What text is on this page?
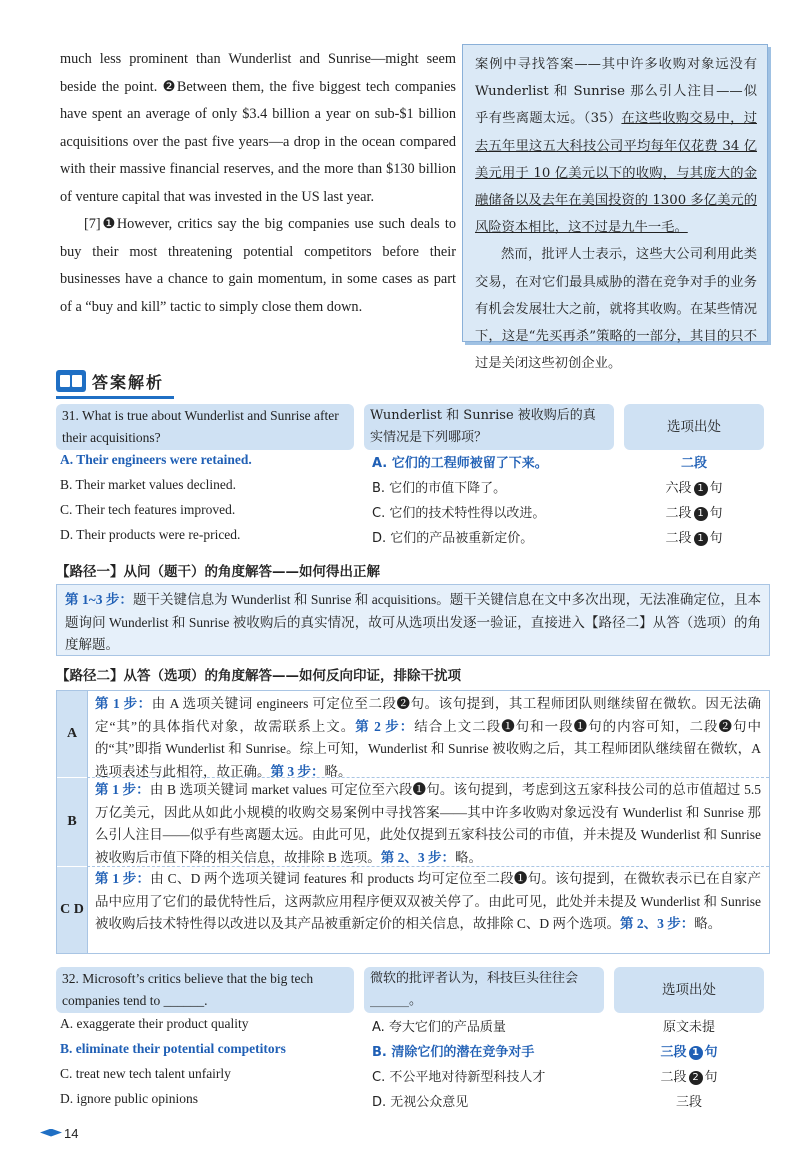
much less prominent than Wunderlist and Sunrise—might seem beside the point. ❷Between them, the five biggest tech companies have spent an average of only $3.4 billion a year on sub-$1 billion acquisitions over the past five years—a drop in the ocean compared with their massive financial reserves, and the more than $130 billion of venture capital that was invested in the US last year.

[7]❶However, critics say the big companies use such deals to buy their most threatening potential competitors before their businesses have a chance to gain momentum, in some cases as part of a “buy and kill” tactic to simply close them down.

案例中寻找答案——其中许多收购对象远没有 Wunderlist 和 Sunrise 那么引人注目——似乎有些离题太远。（35）在这些收购交易中，过去五年里这五大科技公司平均每年仅花费 34 亿美元用于 10 亿美元以下的收购，与其庞大的金融储备以及去年在美国投资的 1300 多亿美元的风险资本相比，这不过是九牛一毛。

然而，批评人士表示，这些大公司利用此类交易，在对它们最具威胁的潜在竞争对手的业务有机会发展壮大之前，就将其收购。在某些情况下，这是“先买再杀”策略的一部分，其目的只不过是关闭这些初创企业。

答案解析
31. What is true about Wunderlist and Sunrise after their acquisitions?
Wunderlist 和 Sunrise 被收购后的真实情况是下列哪项？
选项出处
A. Their engineers were retained.	A. 它们的工程师被留了下来。	二段
B. Their market values declined.	B. 它们的市值下降了。	六段 1 句
C. Their tech features improved.	C. 它们的技术特性得以改进。	二段 1 句
D. Their products were re-priced.	D. 它们的产品被重新定价。	二段 1 句
【路径一】从问（题干）的角度解答——如何得出正解
第 1~3 步：题干关键信息为 Wunderlist 和 Sunrise 和 acquisitions。题干关键信息在文中多次出现，无法准确定位，且本题询问 Wunderlist 和 Sunrise 被收购后的真实情况，故可从选项出发逐一验证，直接进入【路径二】从答（选项）的角度解题。
【路径二】从答（选项）的角度解答——如何反向印证，排除干扰项
A
第 1 步：由 A 选项关键词 engineers 可定位至二段❷句。该句提到，其工程师团队则继续留在微软。因无法确定“其”的具体指代对象，故需联系上文。第 2 步：结合上文二段❶句和一段❶句的内容可知，二段❷句中的“其”即指 Wunderlist 和 Sunrise。综上可知，Wunderlist 和 Sunrise 被收购之后，其工程师团队继续留在微软，A 选项表述与此相符，故正确。第 3 步：略。
B
第 1 步：由 B 选项关键词 market values 可定位至六段❶句。该句提到，考虑到这五家科技公司的总市值超过 5.5 万亿美元，因此从如此小规模的收购交易案例中寻找答案——其中许多收购对象远没有 Wunderlist 和 Sunrise 那么引人注目——似乎有些离题太远。由此可见，此处仅提到五家科技公司的市值，并未提及 Wunderlist 和 Sunrise 被收购后市值下降的相关信息，故排除 B 选项。第 2、3 步：略。
C D
第 1 步：由 C、D 两个选项关键词 features 和 products 均可定位至二段❶句。该句提到，在微软表示已在自家产品中应用了它们的最优特性后，这两款应用程序便双双被关停了。由此可见，此处并未提及 Wunderlist 和 Sunrise 被收购后技术特性得以改进以及其产品被重新定价的相关信息，故排除 C、D 两个选项。第 2、3 步：略。
32. Microsoft’s critics believe that the big tech companies tend to ______.
微软的批评者认为，科技巨头往往会______。
选项出处
A. exaggerate their product quality	A. 夸大它们的产品质量	原文未提
B. eliminate their potential competitors	B. 清除它们的潜在竞争对手	三段 1 句
C. treat new tech talent unfairly	C. 不公平地对待新型科技人才	二段 2 句
D. ignore public opinions	D. 无视公众意见	三段
14
